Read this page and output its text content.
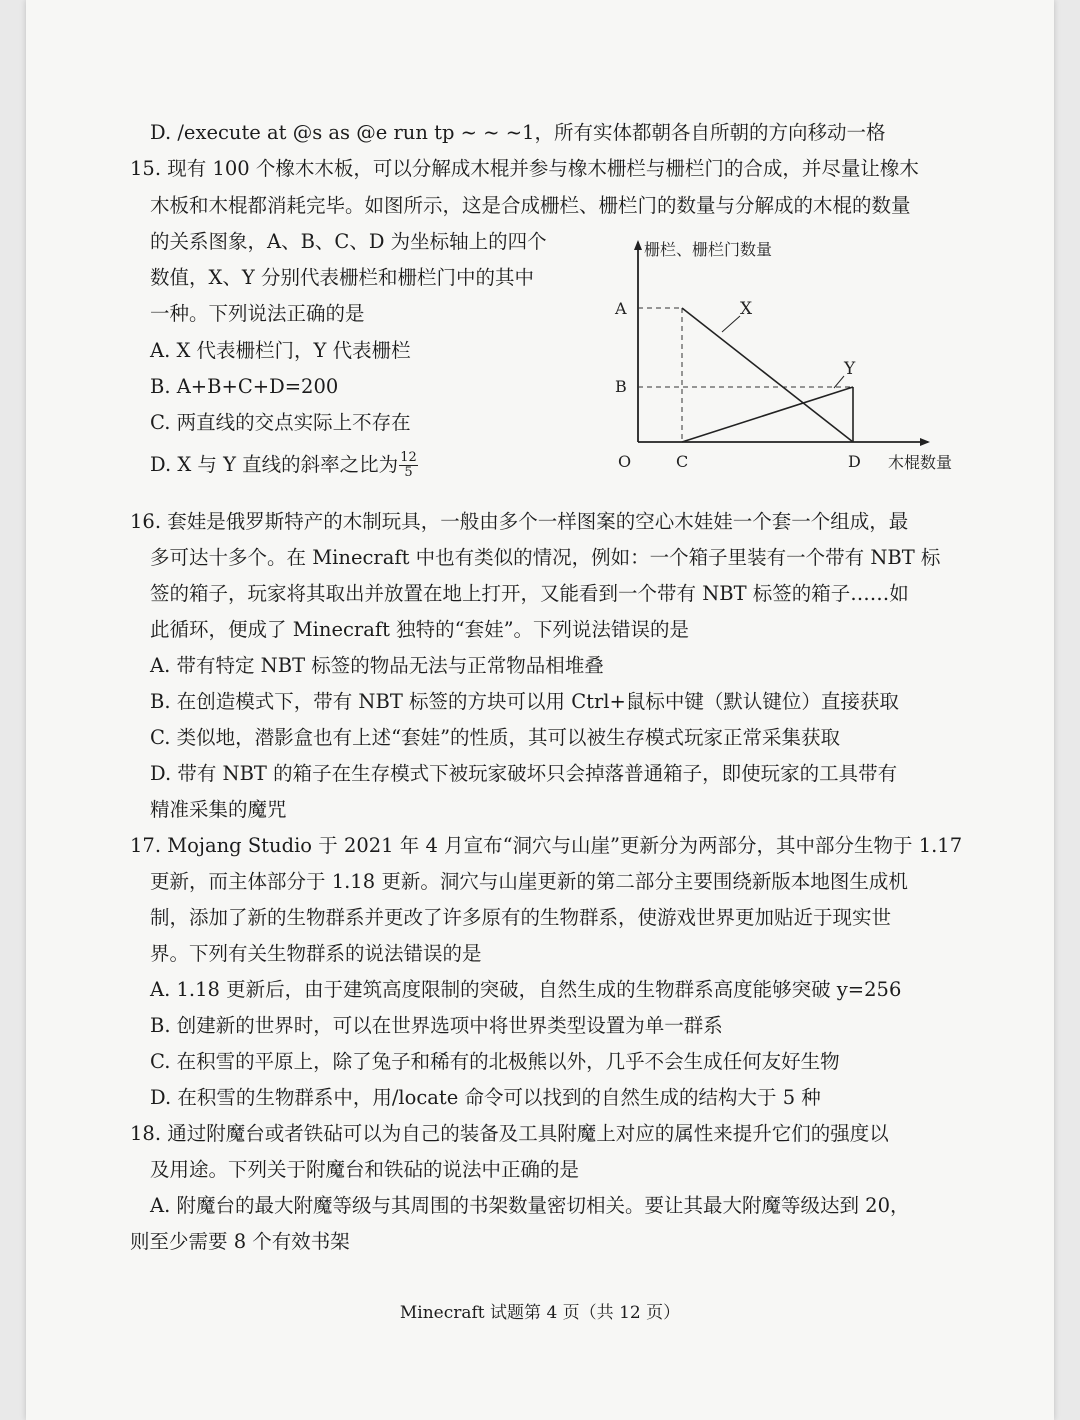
D. /execute at @s as @e run tp ~ ~ ~1，所有实体都朝各自所朝的方向移动一格
15. 现有 100 个橡木木板，可以分解成木棍并参与橡木栅栏与栅栏门的合成，并尽量让橡木
木板和木棍都消耗完毕。如图所示，这是合成栅栏、栅栏门的数量与分解成的木棍的数量
的关系图象，A、B、C、D 为坐标轴上的四个
数值，X、Y 分别代表栅栏和栅栏门中的其中
一种。下列说法正确的是
A. X 代表栅栏门，Y 代表栅栏
B. A+B+C+D=200
C. 两直线的交点实际上不存在
D. X 与 Y 直线的斜率之比为 $\frac{12}{5}$
栅栏、栅栏门数量
木棍数量
O
A
B
C	D
X
Y
16. 套娃是俄罗斯特产的木制玩具，一般由多个一样图案的空心木娃娃一个套一个组成，最
多可达十多个。在 Minecraft 中也有类似的情况，例如：一个箱子里装有一个带有 NBT 标
签的箱子，玩家将其取出并放置在地上打开，又能看到一个带有 NBT 标签的箱子……如
此循环，便成了 Minecraft 独特的“套娃”。下列说法错误的是
A. 带有特定 NBT 标签的物品无法与正常物品相堆叠
B. 在创造模式下，带有 NBT 标签的方块可以用 Ctrl+鼠标中键（默认键位）直接获取
C. 类似地，潜影盒也有上述“套娃”的性质，其可以被生存模式玩家正常采集获取
D. 带有 NBT 的箱子在生存模式下被玩家破坏只会掉落普通箱子，即使玩家的工具带有
精准采集的魔咒
17. Mojang Studio 于 2021 年 4 月宣布“洞穴与山崖”更新分为两部分，其中部分生物于 1.17
更新，而主体部分于 1.18 更新。洞穴与山崖更新的第二部分主要围绕新版本地图生成机
制，添加了新的生物群系并更改了许多原有的生物群系，使游戏世界更加贴近于现实世
界。下列有关生物群系的说法错误的是
A. 1.18 更新后，由于建筑高度限制的突破，自然生成的生物群系高度能够突破 y=256
B. 创建新的世界时，可以在世界选项中将世界类型设置为单一群系
C. 在积雪的平原上，除了兔子和稀有的北极熊以外，几乎不会生成任何友好生物
D. 在积雪的生物群系中，用/locate 命令可以找到的自然生成的结构大于 5 种
18. 通过附魔台或者铁砧可以为自己的装备及工具附魔上对应的属性来提升它们的强度以
及用途。下列关于附魔台和铁砧的说法中正确的是
A. 附魔台的最大附魔等级与其周围的书架数量密切相关。要让其最大附魔等级达到 20，
则至少需要 8 个有效书架
Minecraft 试题第 4 页（共 12 页）
